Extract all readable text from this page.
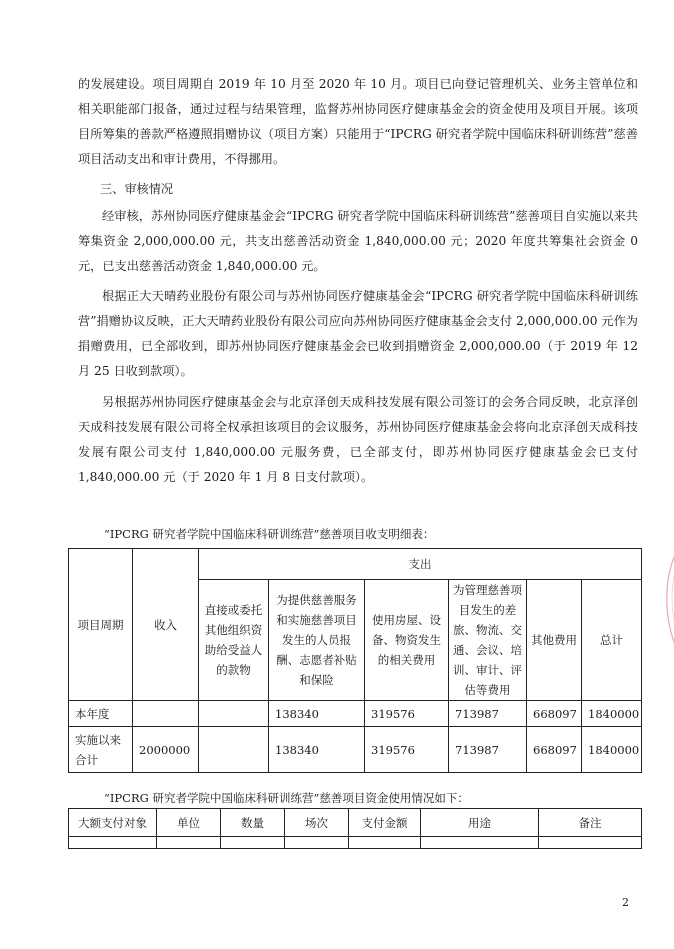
的发展建设。项目周期自 2019 年 10 月至 2020 年 10 月。项目已向登记管理机关、业务主管单位和相关职能部门报备，通过过程与结果管理，监督苏州协同医疗健康基金会的资金使用及项目开展。该项目所筹集的善款严格遵照捐赠协议（项目方案）只能用于“IPCRG 研究者学院中国临床科研训练营”慈善项目活动支出和审计费用，不得挪用。

三、审核情况

经审核，苏州协同医疗健康基金会“IPCRG 研究者学院中国临床科研训练营”慈善项目自实施以来共筹集资金 2,000,000.00 元，共支出慈善活动资金 1,840,000.00 元；2020 年度共筹集社会资金 0 元，已支出慈善活动资金 1,840,000.00 元。

根据正大天晴药业股份有限公司与苏州协同医疗健康基金会“IPCRG 研究者学院中国临床科研训练营”捐赠协议反映，正大天晴药业股份有限公司应向苏州协同医疗健康基金会支付 2,000,000.00 元作为捐赠费用，已全部收到，即苏州协同医疗健康基金会已收到捐赠资金 2,000,000.00（于 2019 年 12 月 25 日收到款项）。

另根据苏州协同医疗健康基金会与北京泽创天成科技发展有限公司签订的会务合同反映，北京泽创天成科技发展有限公司将全权承担该项目的会议服务，苏州协同医疗健康基金会将向北京泽创天成科技发展有限公司支付 1,840,000.00 元服务费，已全部支付，即苏州协同医疗健康基金会已支付 1,840,000.00 元（于 2020 年 1 月 8 日支付款项）。

“IPCRG 研究者学院中国临床科研训练营”慈善项目收支明细表：

项目周期	收入	支出					
		直接或委托其他组织资助给受益人的款物	为提供慈善服务和实施慈善项目发生的人员报酬、志愿者补贴和保险	使用房屋、设备、物资发生的相关费用	为管理慈善项目发生的差旅、物流、交通、会议、培训、审计、评估等费用	其他费用	总计
本年度			138340	319576	713987	668097	1840000
实施以来合计	2000000		138340	319576	713987	668097	1840000

“IPCRG 研究者学院中国临床科研训练营”慈善项目资金使用情况如下：

大额支付对象	单位	数量	场次	支付金额	用途	备注

2
